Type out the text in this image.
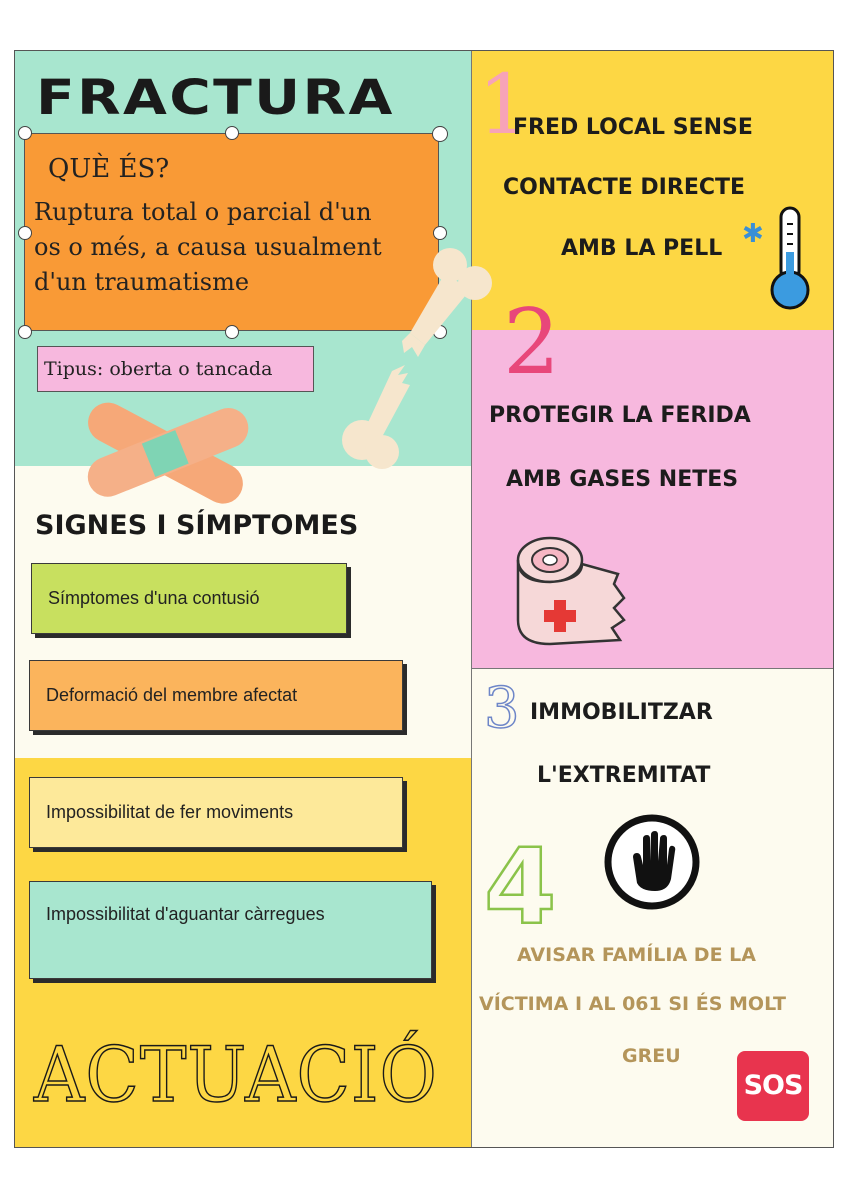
FRACTURA
QUÈ ÉS?
Ruptura total o parcial d'un
os o més, a causa usualment
d'un traumatisme
Tipus: oberta o tancada
SIGNES I SÍMPTOMES
Símptomes d'una contusió
Deformació del membre afectat
Impossibilitat de fer moviments
Impossibilitat d'aguantar càrregues
ACTUACIÓ
1
FRED LOCAL SENSE
CONTACTE DIRECTE
AMB LA PELL
✱
2
PROTEGIR LA FERIDA
AMB GASES NETES
3 IMMOBILITZAR
L'EXTREMITAT
4
AVISAR FAMÍLIA DE LA
VÍCTIMA I AL 061 SI ÉS MOLT
GREU
SOS
